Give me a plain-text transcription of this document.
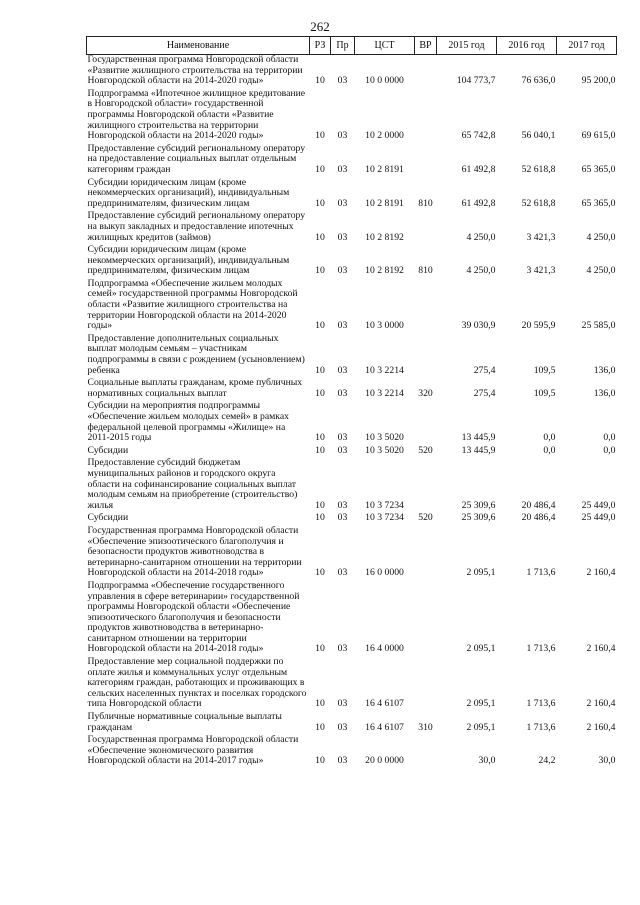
262
Наименование	РЗ	Пр	ЦСТ	ВР	2015 год	2016 год	2017 год
Государственная программа Новгородской области «Развитие жилищного строительства на территории Новгородской области на 2014-2020 годы»	10	03	10 0 0000		104 773,7	76 636,0	95 200,0
Подпрограмма «Ипотечное жилищное кредитование в Новгородской области» государственной программы Новгородской области «Развитие жилищного строительства на территории Новгородской области на 2014-2020 годы»	10	03	10 2 0000		65 742,8	56 040,1	69 615,0
Предоставление субсидий региональному оператору на предоставление социальных выплат отдельным категориям граждан	10	03	10 2 8191		61 492,8	52 618,8	65 365,0
Субсидии юридическим лицам (кроме некоммерческих организаций), индивидуальным предпринимателям, физическим лицам	10	03	10 2 8191	810	61 492,8	52 618,8	65 365,0
Предоставление субсидий региональному оператору на выкуп закладных и предоставление ипотечных жилищных кредитов (займов)	10	03	10 2 8192		4 250,0	3 421,3	4 250,0
Субсидии юридическим лицам (кроме некоммерческих организаций), индивидуальным предпринимателям, физическим лицам	10	03	10 2 8192	810	4 250,0	3 421,3	4 250,0
Подпрограмма «Обеспечение жильем молодых семей» государственной программы Новгородской области «Развитие жилищного строительства на территории Новгородской области на 2014-2020 годы»	10	03	10 3 0000		39 030,9	20 595,9	25 585,0
Предоставление дополнительных социальных выплат молодым семьям – участникам подпрограммы в связи с рождением (усыновлением) ребенка	10	03	10 3 2214		275,4	109,5	136,0
Социальные выплаты гражданам, кроме публичных нормативных социальных выплат	10	03	10 3 2214	320	275,4	109,5	136,0
Субсидии на мероприятия подпрограммы «Обеспечение жильем молодых семей» в рамках федеральной целевой программы «Жилище» на 2011-2015 годы	10	03	10 3 5020		13 445,9	0,0	0,0
Субсидии	10	03	10 3 5020	520	13 445,9	0,0	0,0
Предоставление субсидий бюджетам муниципальных районов и городского округа области на софинансирование социальных выплат молодым семьям на приобретение (строительство) жилья	10	03	10 3 7234		25 309,6	20 486,4	25 449,0
Субсидии	10	03	10 3 7234	520	25 309,6	20 486,4	25 449,0
Государственная программа Новгородской области «Обеспечение эпизоотического благополучия и безопасности продуктов животноводства в ветеринарно-санитарном отношении на территории Новгородской области на 2014-2018 годы»	10	03	16 0 0000		2 095,1	1 713,6	2 160,4
Подпрограмма «Обеспечение государственного управления в сфере ветеринарии» государственной программы Новгородской области «Обеспечение эпизоотического благополучия и безопасности продуктов животноводства в ветеринарно-санитарном отношении на территории Новгородской области на 2014-2018 годы»	10	03	16 4 0000		2 095,1	1 713,6	2 160,4
Предоставление мер социальной поддержки по оплате жилья и коммунальных услуг отдельным категориям граждан, работающих и проживающих в сельских населенных пунктах и поселках городского типа Новгородской области	10	03	16 4 6107		2 095,1	1 713,6	2 160,4
Публичные нормативные социальные выплаты гражданам	10	03	16 4 6107	310	2 095,1	1 713,6	2 160,4
Государственная программа Новгородской области «Обеспечение экономического развития Новгородской области на 2014-2017 годы»	10	03	20 0 0000		30,0	24,2	30,0
